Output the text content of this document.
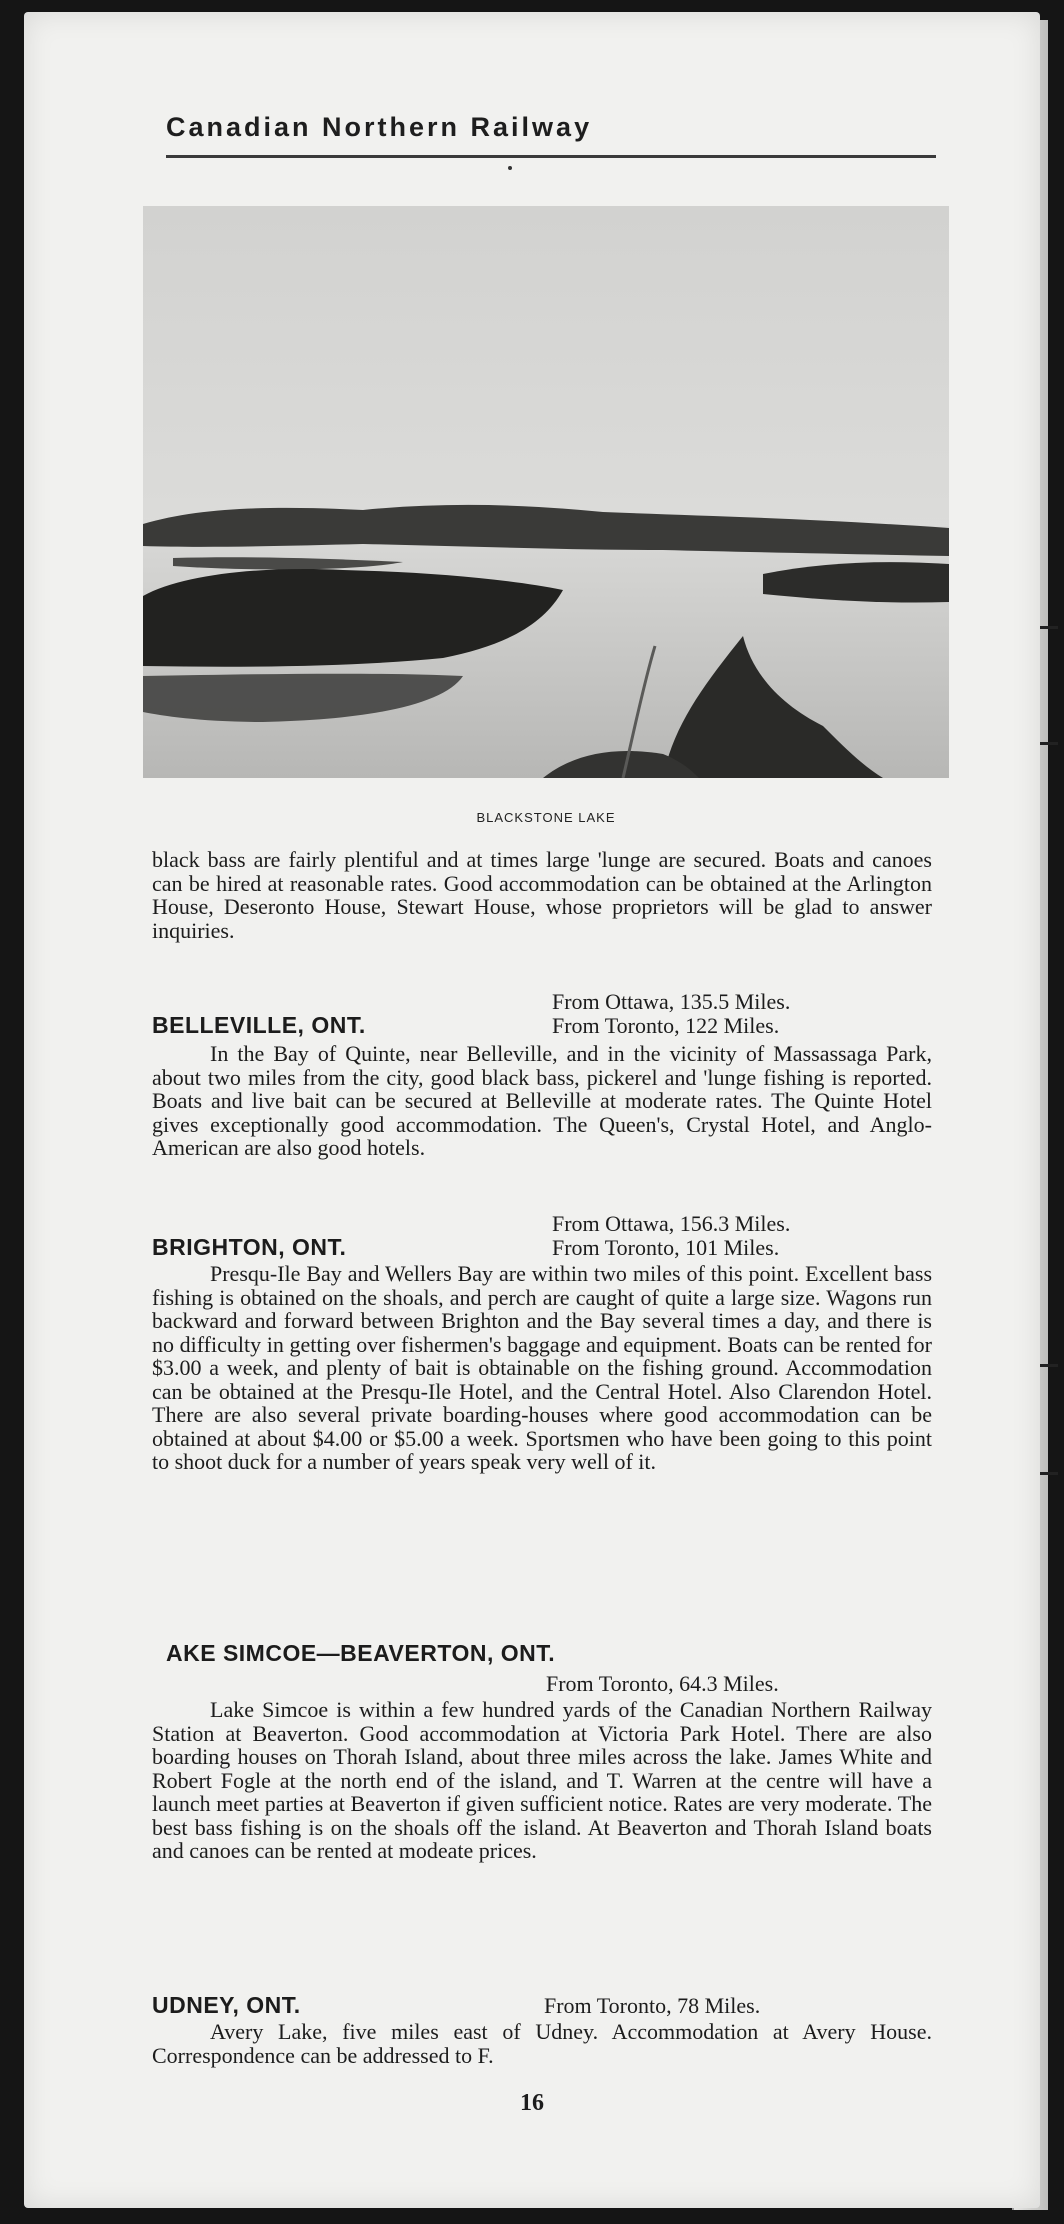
Canadian Northern Railway

BLACKSTONE LAKE

black bass are fairly plentiful and at times large 'lunge are secured. Boats and canoes can be hired at reasonable rates. Good accommodation can be obtained at the Arlington House, Deseronto House, Stewart House, whose proprietors will be glad to answer inquiries.

From Ottawa, 135.5 Miles.
BELLEVILLE, ONT.	From Toronto, 122 Miles.

In the Bay of Quinte, near Belleville, and in the vicinity of Massassaga Park, about two miles from the city, good black bass, pickerel and 'lunge fishing is reported. Boats and live bait can be secured at Belleville at moderate rates. The Quinte Hotel gives exceptionally good accommodation. The Queen's, Crystal Hotel, and Anglo-American are also good hotels.

From Ottawa, 156.3 Miles.
BRIGHTON, ONT.	From Toronto, 101 Miles.

Presqu-Ile Bay and Wellers Bay are within two miles of this point. Excellent bass fishing is obtained on the shoals, and perch are caught of quite a large size. Wagons run backward and forward between Brighton and the Bay several times a day, and there is no difficulty in getting over fishermen's baggage and equipment. Boats can be rented for $3.00 a week, and plenty of bait is obtainable on the fishing ground. Accommodation can be obtained at the Presqu-Ile Hotel, and the Central Hotel. Also Clarendon Hotel. There are also several private boarding-houses where good accommodation can be obtained at about $4.00 or $5.00 a week. Sportsmen who have been going to this point to shoot duck for a number of years speak very well of it.

AKE SIMCOE—BEAVERTON, ONT.
From Toronto, 64.3 Miles.

Lake Simcoe is within a few hundred yards of the Canadian Northern Railway Station at Beaverton. Good accommodation at Victoria Park Hotel. There are also boarding houses on Thorah Island, about three miles across the lake. James White and Robert Fogle at the north end of the island, and T. Warren at the centre will have a launch meet parties at Beaverton if given sufficient notice. Rates are very moderate. The best bass fishing is on the shoals off the island. At Beaverton and Thorah Island boats and canoes can be rented at modeate prices.

UDNEY, ONT.	From Toronto, 78 Miles.

Avery Lake, five miles east of Udney. Accommodation at Avery House. Correspondence can be addressed to F.

16
